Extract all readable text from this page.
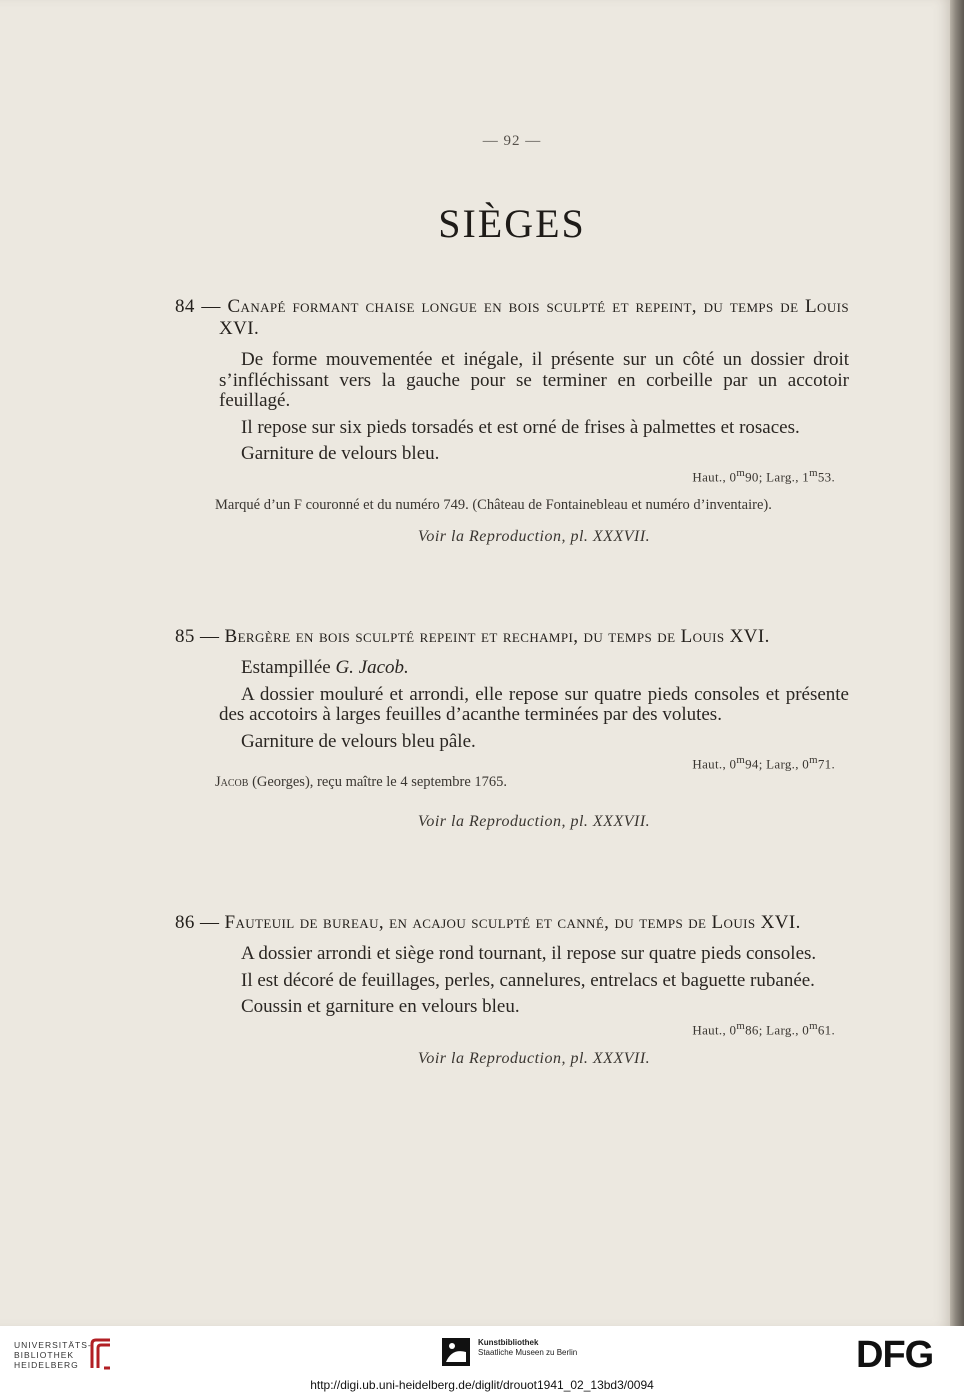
— 92 —
SIÈGES
84 — Canapé formant chaise longue en bois sculpté et repeint, du temps de Louis XVI.
De forme mouvementée et inégale, il présente sur un côté un dossier droit s’infléchissant vers la gauche pour se terminer en corbeille par un accotoir feuillagé.
Il repose sur six pieds torsadés et est orné de frises à palmettes et rosaces.
Garniture de velours bleu.
Haut., 0$^m$90; Larg., 1$^m$53.
Marqué d’un F couronné et du numéro 749. (Château de Fontainebleau et numéro d’inventaire).
Voir la Reproduction, pl. XXXVII.
85 — Bergère en bois sculpté repeint et rechampi, du temps de Louis XVI.
Estampillée G. Jacob.
A dossier mouluré et arrondi, elle repose sur quatre pieds consoles et présente des accotoirs à larges feuilles d’acanthe terminées par des volutes.
Garniture de velours bleu pâle.
Haut., 0$^m$94; Larg., 0$^m$71.
Jacob (Georges), reçu maître le 4 septembre 1765.
Voir la Reproduction, pl. XXXVII.
86 — Fauteuil de bureau, en acajou sculpté et canné, du temps de Louis XVI.
A dossier arrondi et siège rond tournant, il repose sur quatre pieds consoles.
Il est décoré de feuillages, perles, cannelures, entrelacs et baguette rubanée.
Coussin et garniture en velours bleu.
Haut., 0$^m$86; Larg., 0$^m$61.
Voir la Reproduction, pl. XXXVII.
UNIVERSITÄTS-
BIBLIOTHEK
HEIDELBERG
Kunstbibliothek
Staatliche Museen zu Berlin	DFG
http://digi.ub.uni-heidelberg.de/diglit/drouot1941_02_13bd3/0094
